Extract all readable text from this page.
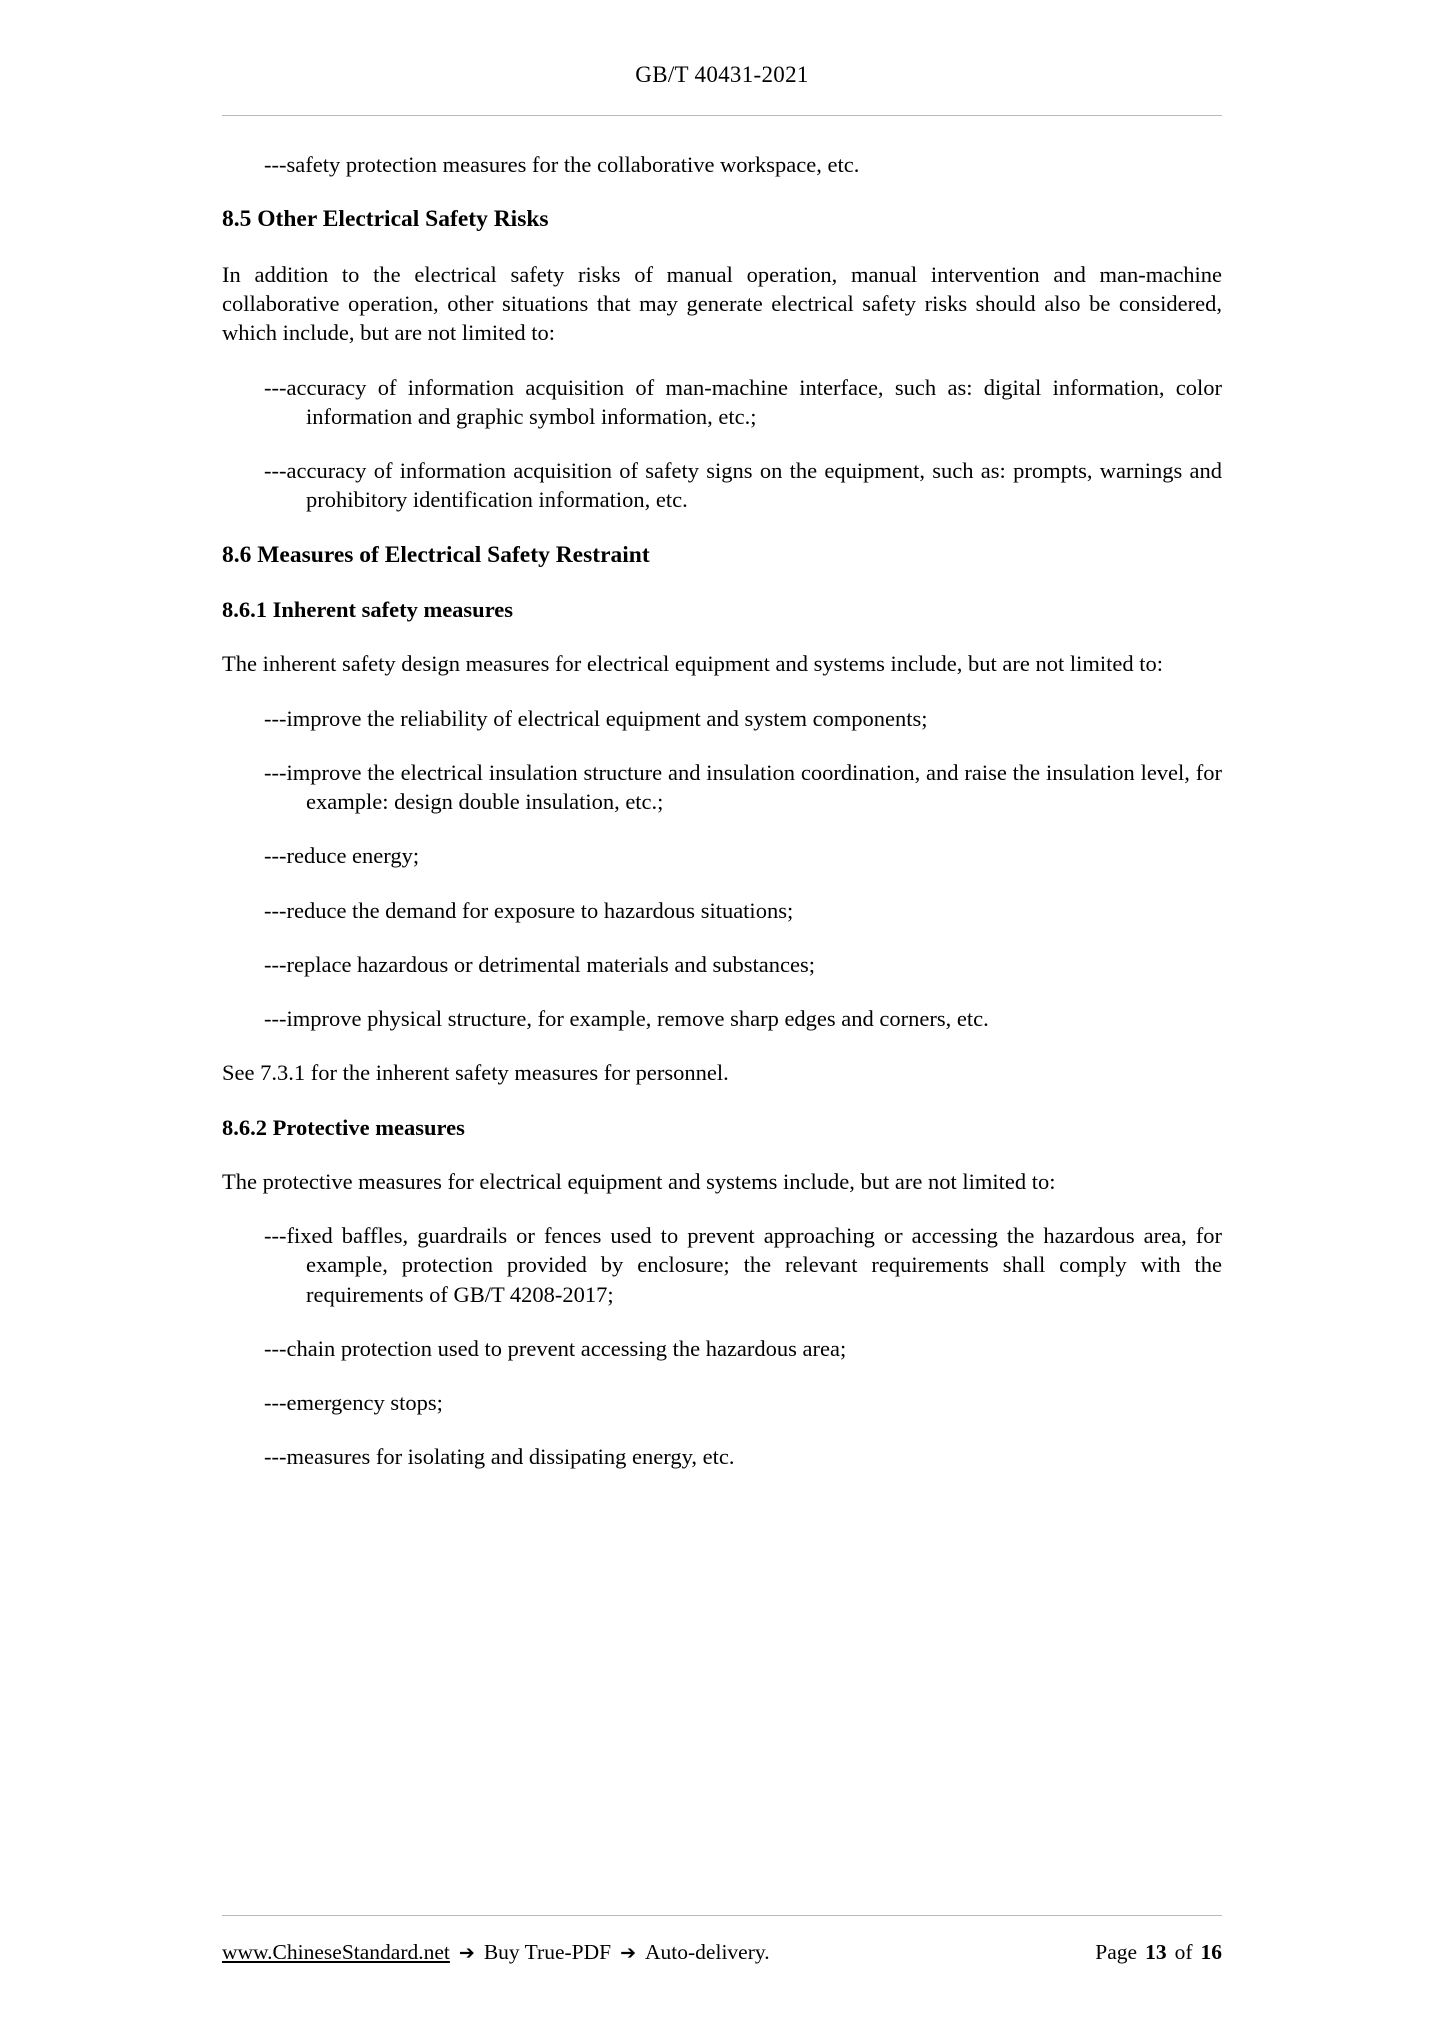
GB/T 40431-2021

---safety protection measures for the collaborative workspace, etc.

8.5 Other Electrical Safety Risks

In addition to the electrical safety risks of manual operation, manual intervention and man-machine collaborative operation, other situations that may generate electrical safety risks should also be considered, which include, but are not limited to:

---accuracy of information acquisition of man-machine interface, such as: digital information, color information and graphic symbol information, etc.;

---accuracy of information acquisition of safety signs on the equipment, such as: prompts, warnings and prohibitory identification information, etc.

8.6 Measures of Electrical Safety Restraint
8.6.1 Inherent safety measures

The inherent safety design measures for electrical equipment and systems include, but are not limited to:

---improve the reliability of electrical equipment and system components;

---improve the electrical insulation structure and insulation coordination, and raise the insulation level, for example: design double insulation, etc.;

---reduce energy;

---reduce the demand for exposure to hazardous situations;

---replace hazardous or detrimental materials and substances;

---improve physical structure, for example, remove sharp edges and corners, etc.

See 7.3.1 for the inherent safety measures for personnel.

8.6.2 Protective measures

The protective measures for electrical equipment and systems include, but are not limited to:

---fixed baffles, guardrails or fences used to prevent approaching or accessing the hazardous area, for example, protection provided by enclosure; the relevant requirements shall comply with the requirements of GB/T 4208-2017;

---chain protection used to prevent accessing the hazardous area;

---emergency stops;

---measures for isolating and dissipating energy, etc.

www.ChineseStandard.net ➔ Buy True-PDF ➔ Auto-delivery.	Page 13 of 16
